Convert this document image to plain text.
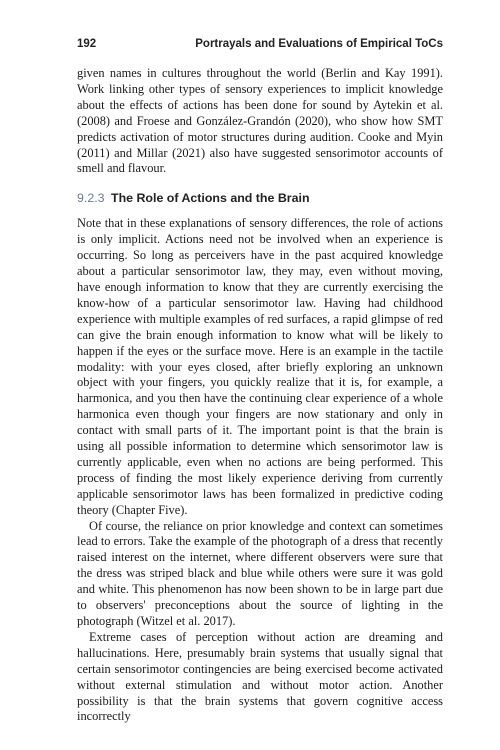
192	Portrayals and Evaluations of Empirical ToCs

given names in cultures throughout the world (Berlin and Kay 1991). Work linking other types of sensory experiences to implicit knowledge about the effects of actions has been done for sound by Aytekin et al. (2008) and Froese and González-Grandón (2020), who show how SMT predicts activation of motor structures during audition. Cooke and Myin (2011) and Millar (2021) also have suggested sensorimotor accounts of smell and flavour.

9.2.3 The Role of Actions and the Brain

Note that in these explanations of sensory differences, the role of actions is only implicit. Actions need not be involved when an experience is occurring. So long as perceivers have in the past acquired knowledge about a particular sensorimotor law, they may, even without moving, have enough information to know that they are currently exercising the know-how of a particular sensorimotor law. Having had childhood experience with multiple examples of red surfaces, a rapid glimpse of red can give the brain enough information to know what will be likely to happen if the eyes or the surface move. Here is an example in the tactile modality: with your eyes closed, after briefly exploring an unknown object with your fingers, you quickly realize that it is, for example, a harmonica, and you then have the continuing clear experience of a whole harmonica even though your fingers are now stationary and only in contact with small parts of it. The important point is that the brain is using all possible information to determine which sensorimotor law is currently applicable, even when no actions are being performed. This process of finding the most likely experience deriving from currently applicable sensorimotor laws has been formalized in predictive coding theory (Chapter Five).

Of course, the reliance on prior knowledge and context can sometimes lead to errors. Take the example of the photograph of a dress that recently raised interest on the internet, where different observers were sure that the dress was striped black and blue while others were sure it was gold and white. This phenomenon has now been shown to be in large part due to observers' preconceptions about the source of lighting in the photograph (Witzel et al. 2017).

Extreme cases of perception without action are dreaming and hallucinations. Here, presumably brain systems that usually signal that certain sensorimotor contingencies are being exercised become activated without external stimulation and without motor action. Another possibility is that the brain systems that govern cognitive access incorrectly
